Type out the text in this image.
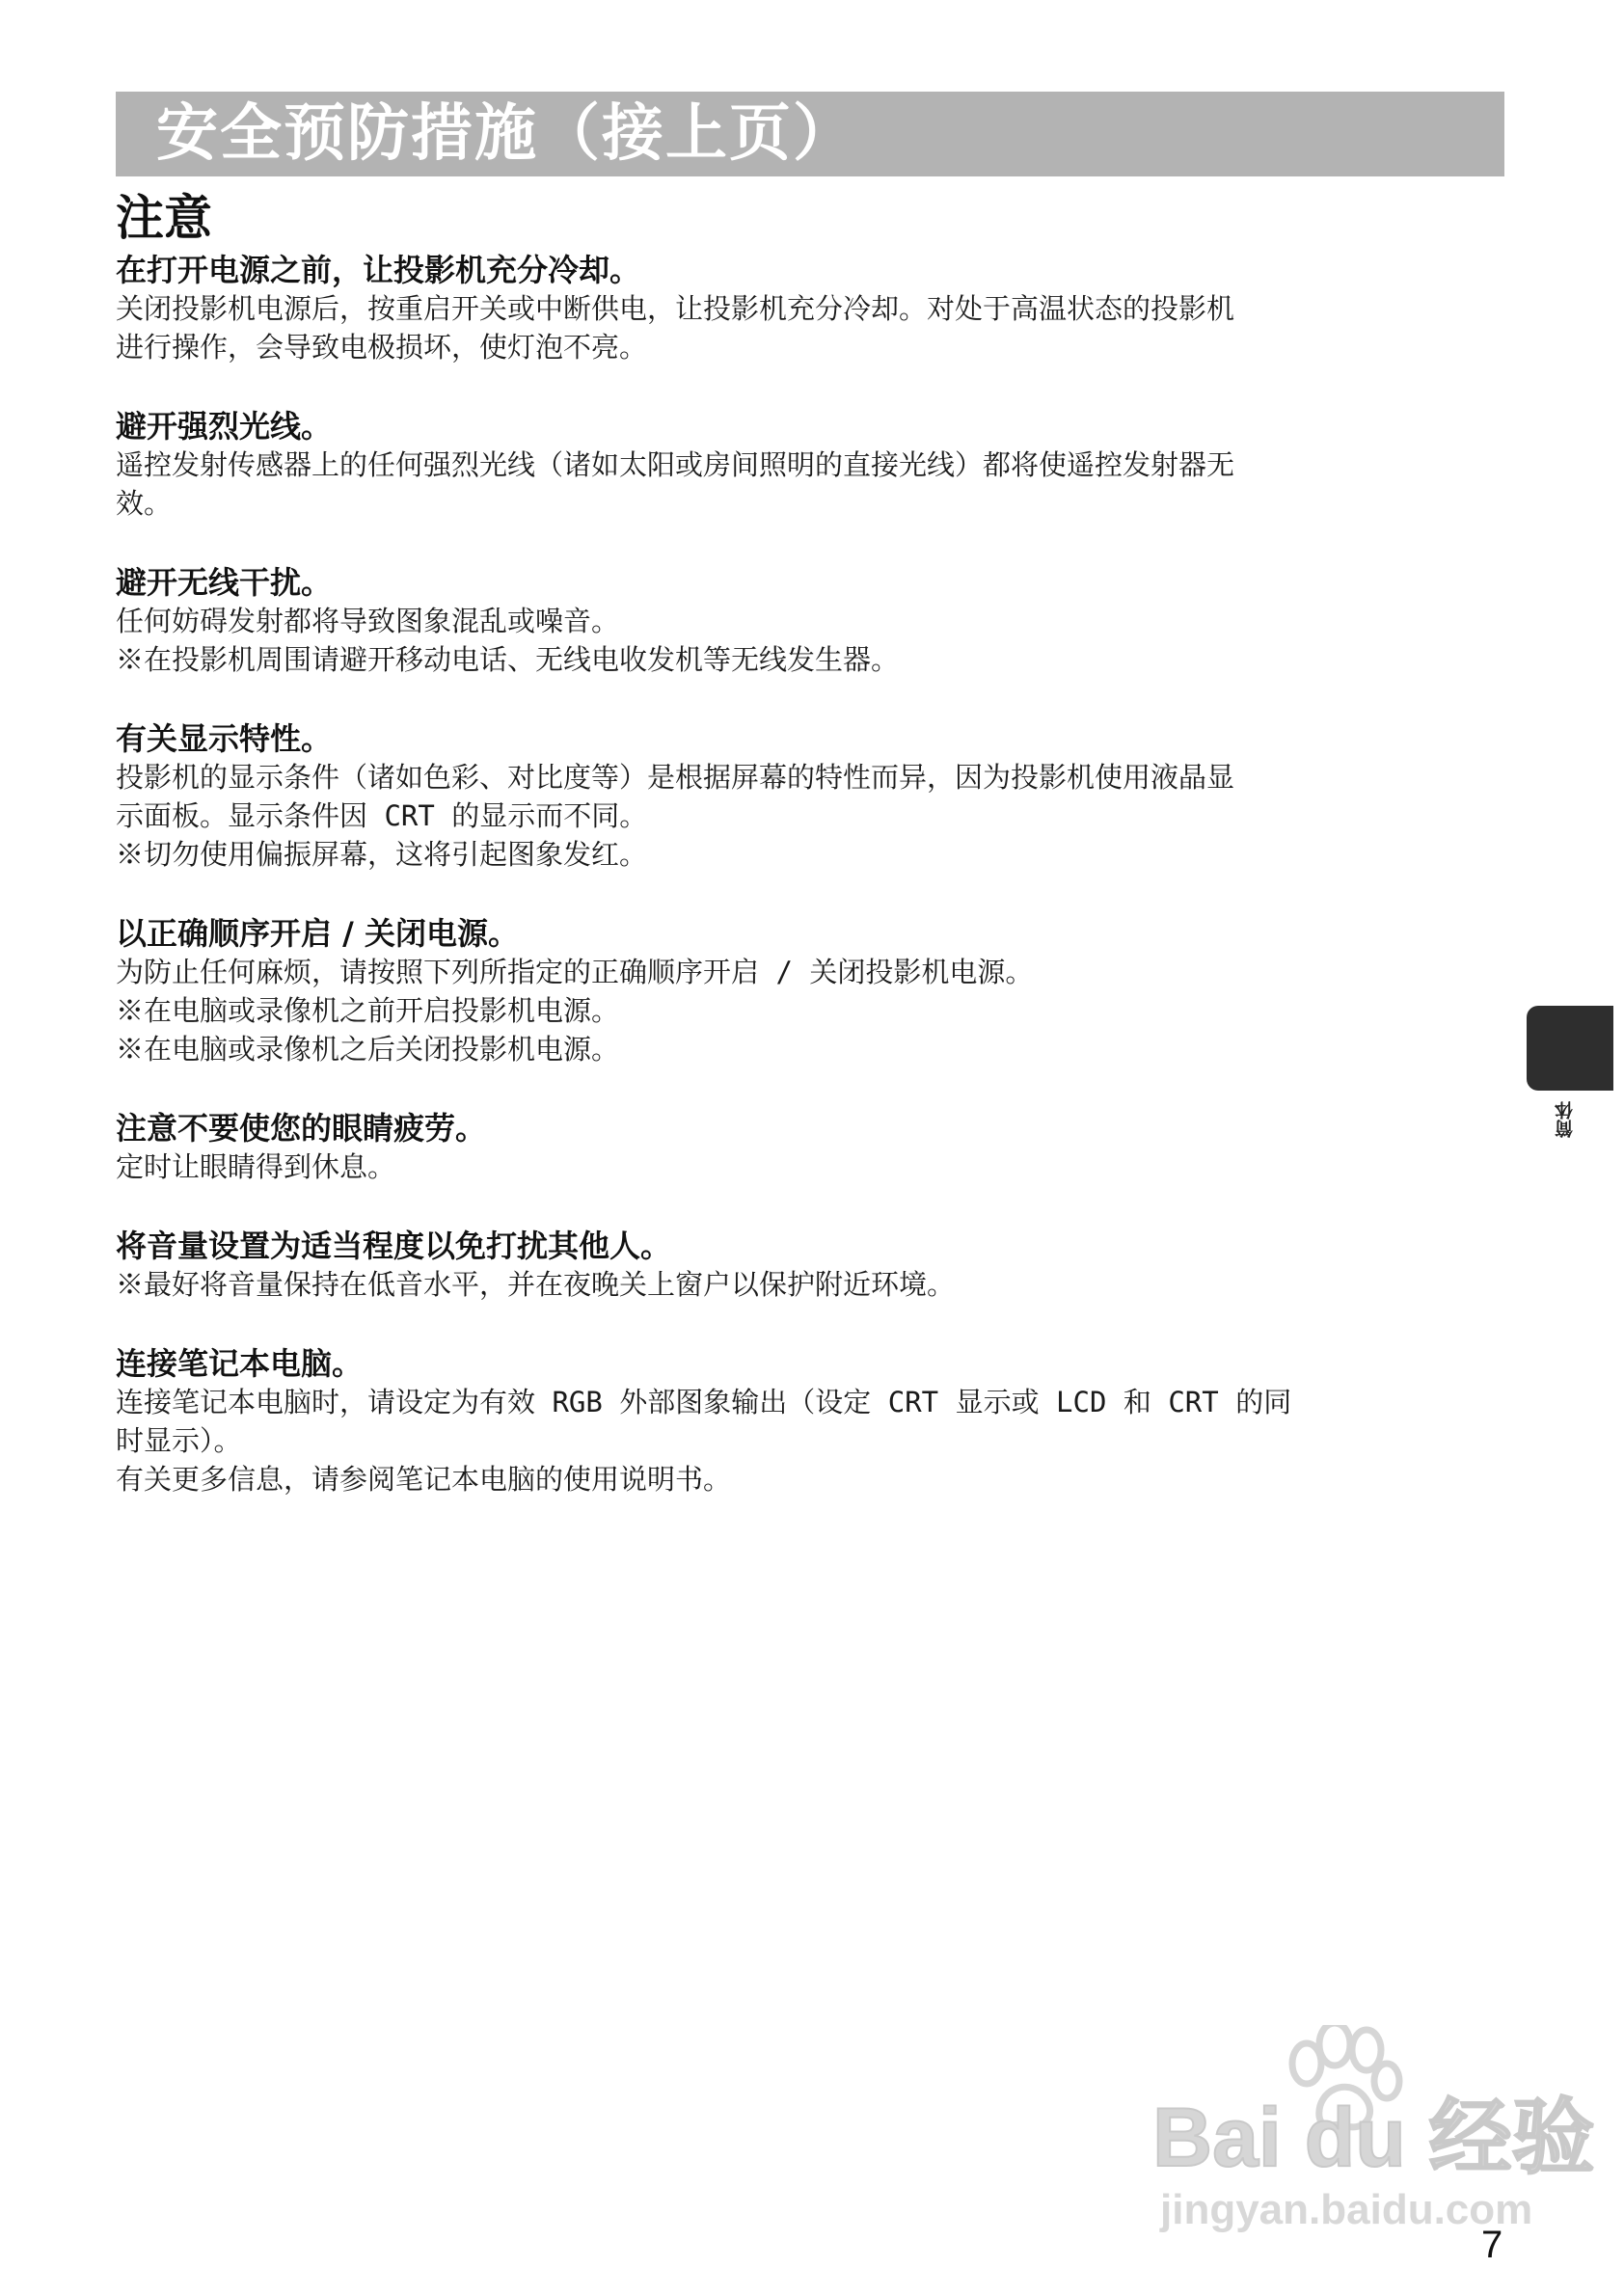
安全预防措施（接上页）
注意
在打开电源之前，让投影机充分冷却。
关闭投影机电源后，按重启开关或中断供电，让投影机充分冷却。对处于高温状态的投影机
进行操作，会导致电极损坏，使灯泡不亮。
避开强烈光线。
遥控发射传感器上的任何强烈光线（诸如太阳或房间照明的直接光线）都将使遥控发射器无
效。
避开无线干扰。
任何妨碍发射都将导致图象混乱或噪音。
※在投影机周围请避开移动电话、无线电收发机等无线发生器。
有关显示特性。
投影机的显示条件（诸如色彩、对比度等）是根据屏幕的特性而异，因为投影机使用液晶显
示面板。显示条件因 CRT 的显示而不同。
※切勿使用偏振屏幕，这将引起图象发红。
以正确顺序开启 / 关闭电源。
为防止任何麻烦，请按照下列所指定的正确顺序开启 / 关闭投影机电源。
※在电脑或录像机之前开启投影机电源。
※在电脑或录像机之后关闭投影机电源。
注意不要使您的眼睛疲劳。
定时让眼睛得到休息。
将音量设置为适当程度以免打扰其他人。
※最好将音量保持在低音水平，并在夜晚关上窗户以保护附近环境。
连接笔记本电脑。
连接笔记本电脑时，请设定为有效 RGB 外部图象输出（设定 CRT 显示或 LCD 和 CRT 的同
时显示）。
有关更多信息，请参阅笔记本电脑的使用说明书。
简体
Bai du 经验
jingyan.baidu.com
7
